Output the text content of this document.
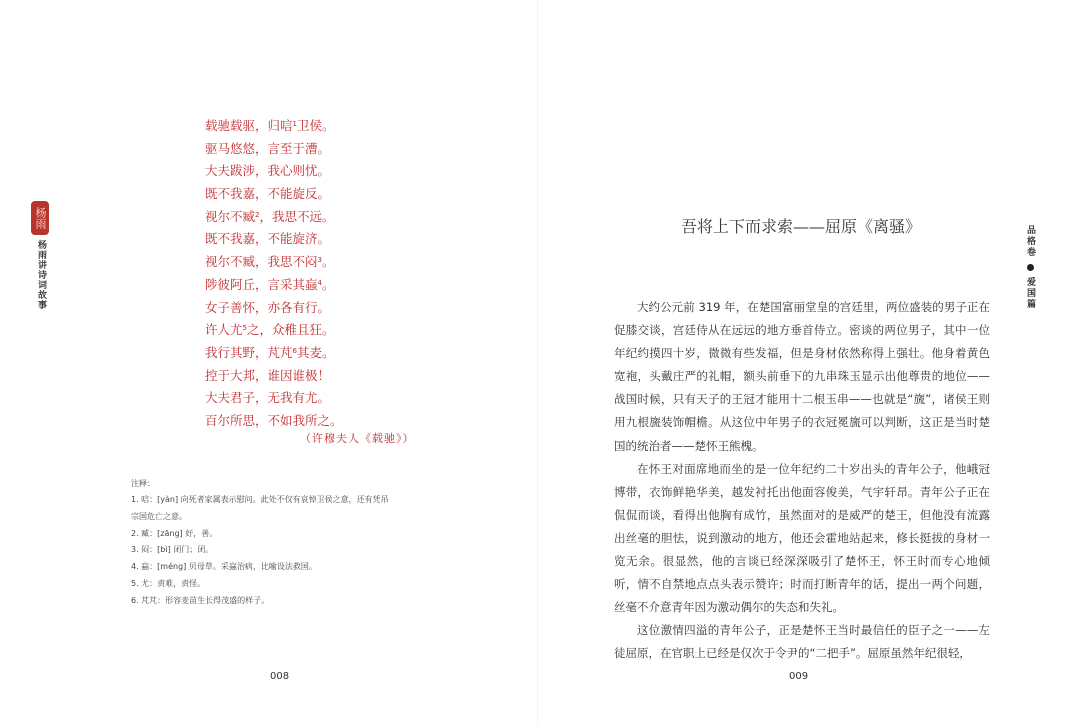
杨雨
杨雨讲诗词故事
载驰载驱，归唁$^1$卫侯。
驱马悠悠，言至于漕。
大夫跋涉，我心则忧。
既不我嘉，不能旋反。
视尔不臧$^2$，我思不远。
既不我嘉，不能旋济。
视尔不臧，我思不闷$^3$。
陟彼阿丘，言采其蝱$^4$。
女子善怀，亦各有行。
许人尤$^5$之，众稚且狂。
我行其野，芃芃$^6$其麦。
控于大邦，谁因谁极！
大夫君子，无我有尤。
百尔所思，不如我所之。
（许穆夫人《载驰》）
注释：
1. 唁：[yàn] 向死者家属表示慰问。此处不仅有哀悼卫侯之意，还有凭吊
宗国危亡之意。
2. 臧：[zāng] 好，善。
3. 闷：[bì] 闭门；闭。
4. 蝱：[méng] 贝母草。采蝱治病，比喻设法救国。
5. 尤：责难，责怪。
6. 芃芃：形容麦苗生长得茂盛的样子。
008
吾将上下而求索——屈原《离骚》

大约公元前 319 年，在楚国富丽堂皇的宫廷里，两位盛装的男子正在促膝交谈，宫廷侍从在远远的地方垂首侍立。密谈的两位男子，其中一位年纪约摸四十岁，微微有些发福，但是身材依然称得上强壮。他身着黄色宽袍，头戴庄严的礼帽，额头前垂下的九串珠玉显示出他尊贵的地位——战国时候，只有天子的王冠才能用十二根玉串——也就是“旒”，诸侯王则用九根旒装饰帽檐。从这位中年男子的衣冠冕旒可以判断，这正是当时楚国的统治者——楚怀王熊槐。

在怀王对面席地而坐的是一位年纪约二十岁出头的青年公子，他峨冠博带，衣饰鲜艳华美，越发衬托出他面容俊美，气宇轩昂。青年公子正在侃侃而谈，看得出他胸有成竹，虽然面对的是威严的楚王，但他没有流露出丝毫的胆怯，说到激动的地方，他还会霍地站起来，修长挺拔的身材一览无余。很显然，他的言谈已经深深吸引了楚怀王，怀王时而专心地倾听，情不自禁地点点头表示赞许；时而打断青年的话，提出一两个问题，丝毫不介意青年因为激动偶尔的失态和失礼。

这位激情四溢的青年公子，正是楚怀王当时最信任的臣子之一——左徒屈原，在官职上已经是仅次于令尹的“二把手”。屈原虽然年纪很轻，

009
品格卷爱国篇
